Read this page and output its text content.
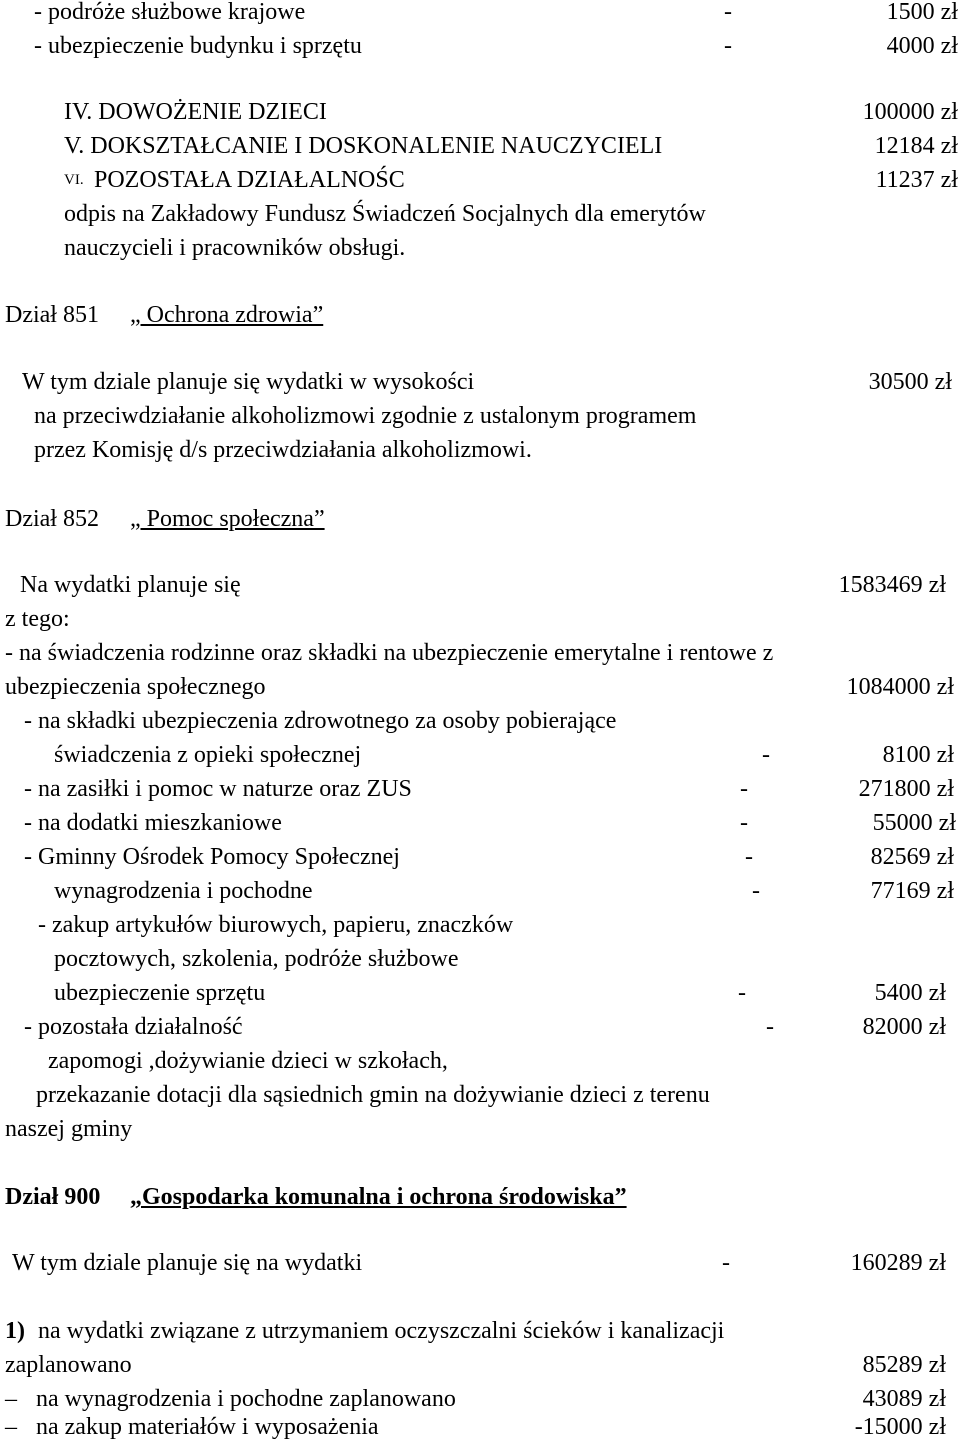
- podróże służbowe krajowe	-	1500 zł
- ubezpieczenie budynku i sprzętu	-	4000 zł
IV. DOWOŻENIE DZIECI	100000 zł
V. DOKSZTAŁCANIE I DOSKONALENIE NAUCZYCIELI	12184 zł
VI. POZOSTAŁA DZIAŁALNOŚC	11237 zł
odpis na Zakładowy Fundusz Świadczeń Socjalnych dla emerytów
nauczycieli i pracowników obsługi.
Dział 851 „ Ochrona zdrowia”
W tym dziale planuje się wydatki w wysokości	30500 zł
na przeciwdziałanie alkoholizmowi zgodnie z ustalonym programem
przez Komisję d/s przeciwdziałania alkoholizmowi.
Dział 852 „ Pomoc społeczna”
Na wydatki planuje się	1583469 zł
z tego:
- na świadczenia rodzinne oraz składki na ubezpieczenie emerytalne i rentowe z
ubezpieczenia społecznego	1084000 zł
- na składki ubezpieczenia zdrowotnego za osoby pobierające
świadczenia z opieki społecznej	-	8100 zł
- na zasiłki i pomoc w naturze oraz ZUS	-	271800 zł
- na dodatki mieszkaniowe	-	55000 zł
- Gminny Ośrodek Pomocy Społecznej	-	82569 zł
wynagrodzenia i pochodne	-	77169 zł
- zakup artykułów biurowych, papieru, znaczków
pocztowych, szkolenia, podróże służbowe
ubezpieczenie sprzętu	-	5400 zł
- pozostała działalność	-	82000 zł
zapomogi ,dożywianie dzieci w szkołach,
przekazanie dotacji dla sąsiednich gmin na dożywianie dzieci z terenu
naszej gminy
Dział 900 „Gospodarka komunalna i ochrona środowiska”
W tym dziale planuje się na wydatki	-	160289 zł
1) na wydatki związane z utrzymaniem oczyszczalni ścieków i kanalizacji
zaplanowano	85289 zł
– na wynagrodzenia i pochodne zaplanowano	43089 zł
– na zakup materiałów i wyposażenia	-15000 zł
